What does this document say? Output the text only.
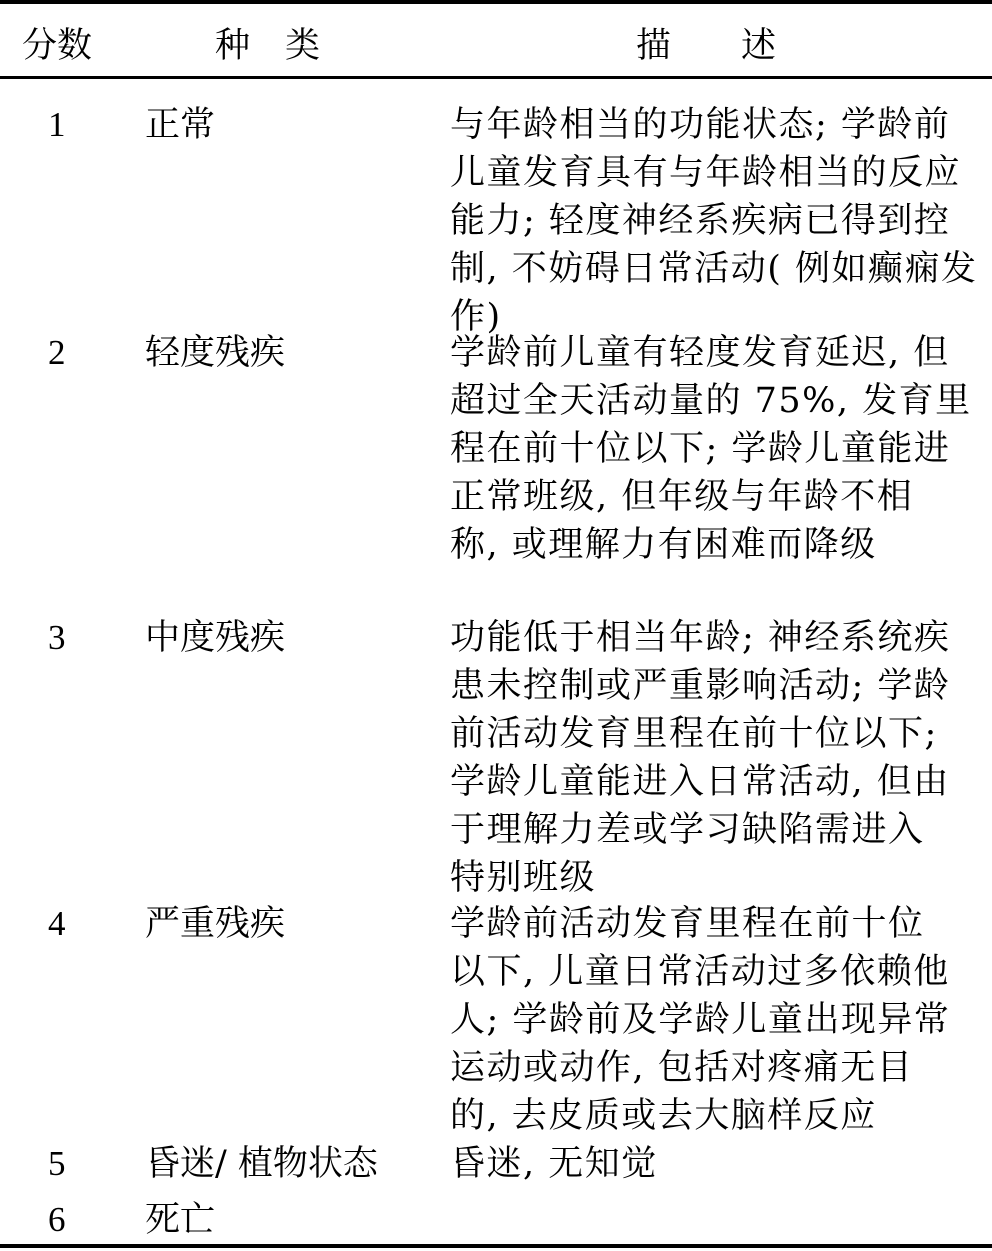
分数	种　类	描　　述
1	正常	与年龄相当的功能状态; 学龄前
儿童发育具有与年龄相当的反应
能力; 轻度神经系疾病已得到控
制, 不妨碍日常活动( 例如癫痫发
作)
2	轻度残疾	学龄前儿童有轻度发育延迟, 但
超过全天活动量的 75%, 发育里
程在前十位以下; 学龄儿童能进
正常班级, 但年级与年龄不相
称, 或理解力有困难而降级
3	中度残疾	功能低于相当年龄; 神经系统疾
患未控制或严重影响活动; 学龄
前活动发育里程在前十位以下;
学龄儿童能进入日常活动, 但由
于理解力差或学习缺陷需进入
特别班级
4	严重残疾	学龄前活动发育里程在前十位
以下, 儿童日常活动过多依赖他
人; 学龄前及学龄儿童出现异常
运动或动作, 包括对疼痛无目
的, 去皮质或去大脑样反应
5	昏迷/ 植物状态	昏迷, 无知觉
6	死亡
